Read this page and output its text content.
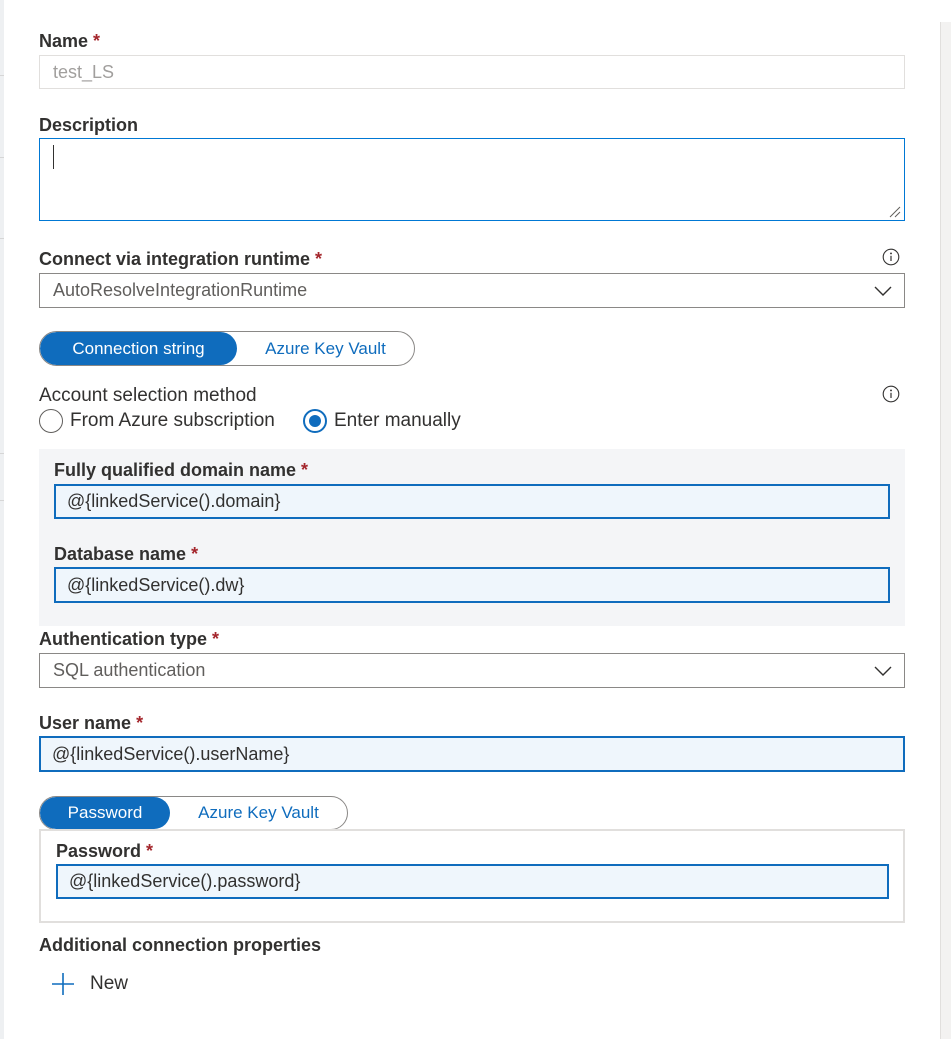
Name *
test_LS
Description
Connect via integration runtime *
AutoResolveIntegrationRuntime
Connection string	Azure Key Vault
Account selection method
From Azure subscription	Enter manually
Fully qualified domain name *
@{linkedService().domain}
Database name *
@{linkedService().dw}
Authentication type *
SQL authentication
User name *
@{linkedService().userName}
Password	Azure Key Vault
Password *
@{linkedService().password}
Additional connection properties
New
